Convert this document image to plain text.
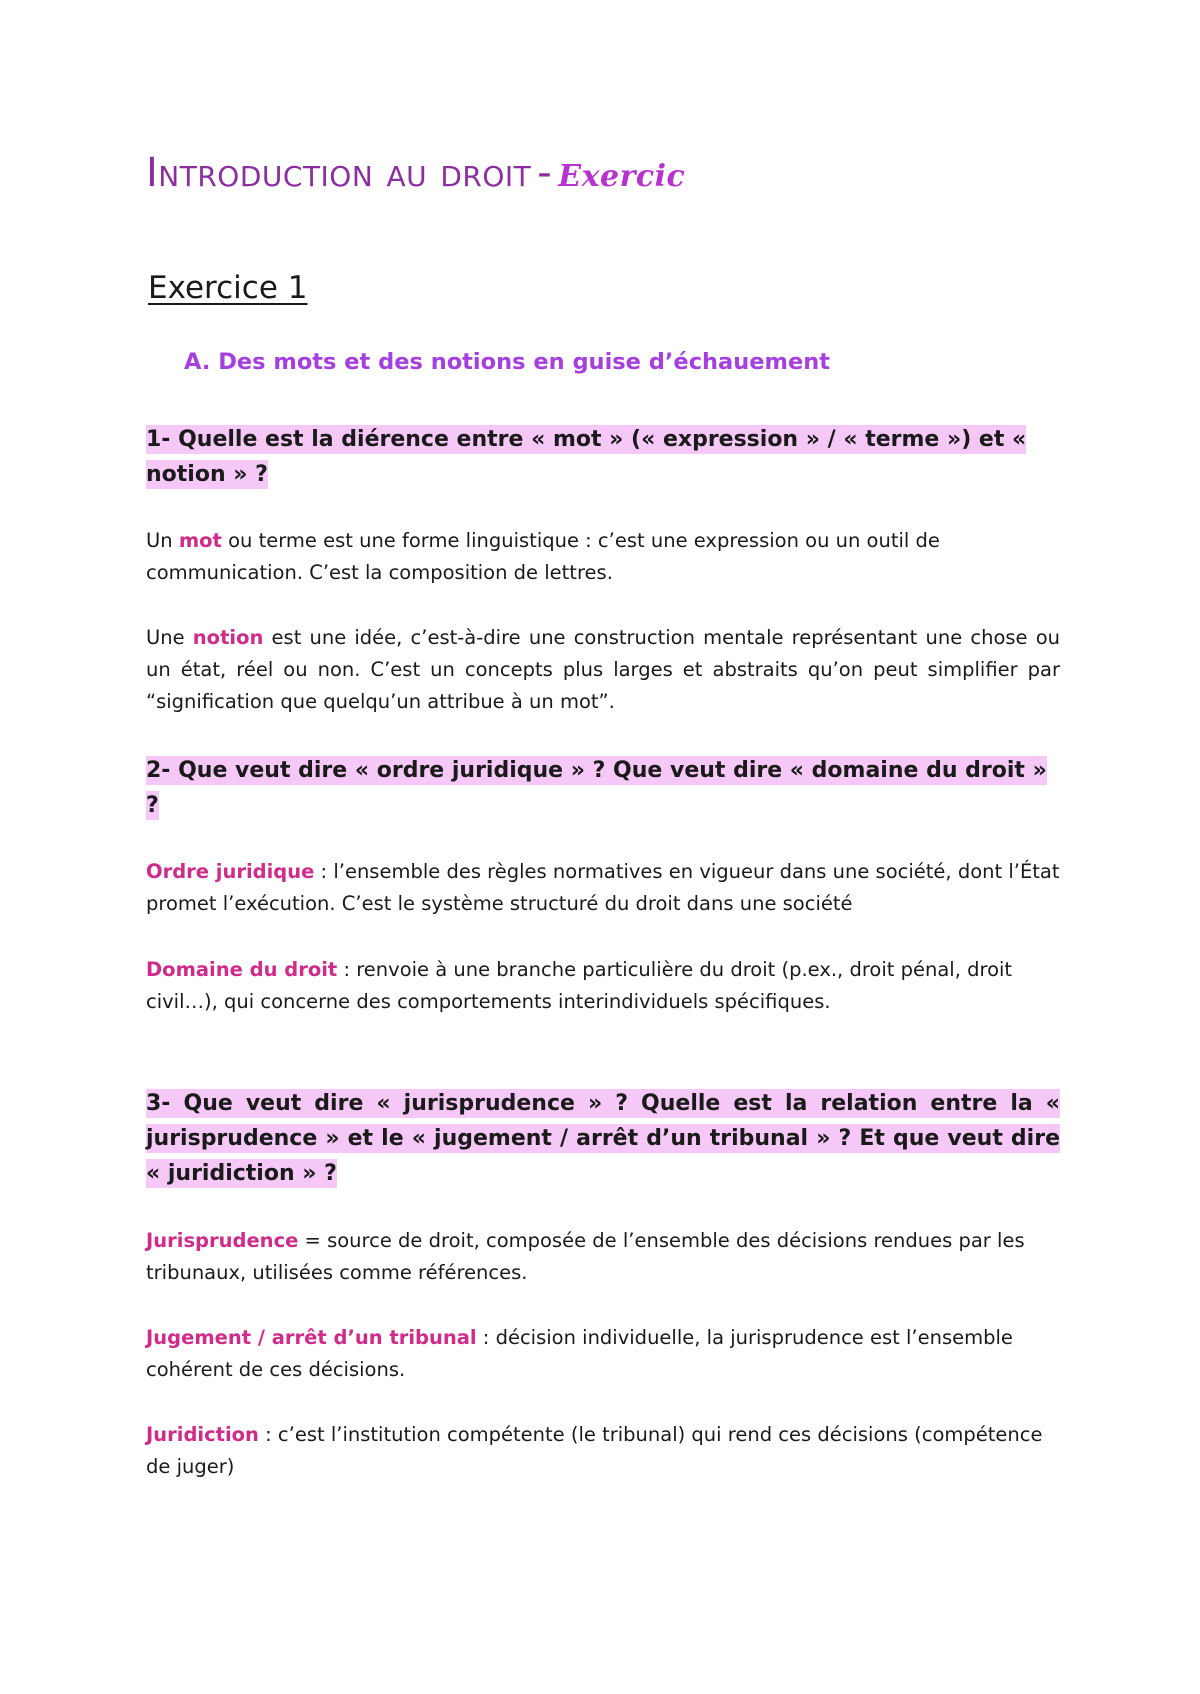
Introduction au droit - Exercic
Exercice 1
A. Des mots et des notions en guise d’échauement

1- Quelle est la diérence entre « mot » (« expression » / « terme ») et « notion » ?

Un mot ou terme est une forme linguistique : c’est une expression ou un outil de communication. C’est la composition de lettres.

Une notion est une idée, c’est-à-dire une construction mentale représentant une chose ou un état, réel ou non. C’est un concepts plus larges et abstraits qu’on peut simplifier par “signification que quelqu’un attribue à un mot”.

2- Que veut dire « ordre juridique » ? Que veut dire « domaine du droit » ?

Ordre juridique : l’ensemble des règles normatives en vigueur dans une société, dont l’État promet l’exécution. C’est le système structuré du droit dans une société

Domaine du droit : renvoie à une branche particulière du droit (p.ex., droit pénal, droit civil…), qui concerne des comportements interindividuels spécifiques.

3- Que veut dire « jurisprudence » ? Quelle est la relation entre la « jurisprudence » et le « jugement / arrêt d’un tribunal » ? Et que veut dire « juridiction » ?

Jurisprudence = source de droit, composée de l’ensemble des décisions rendues par les tribunaux, utilisées comme références.

Jugement / arrêt d’un tribunal : décision individuelle, la jurisprudence est l’ensemble cohérent de ces décisions.

Juridiction : c’est l’institution compétente (le tribunal) qui rend ces décisions (compétence de juger)
